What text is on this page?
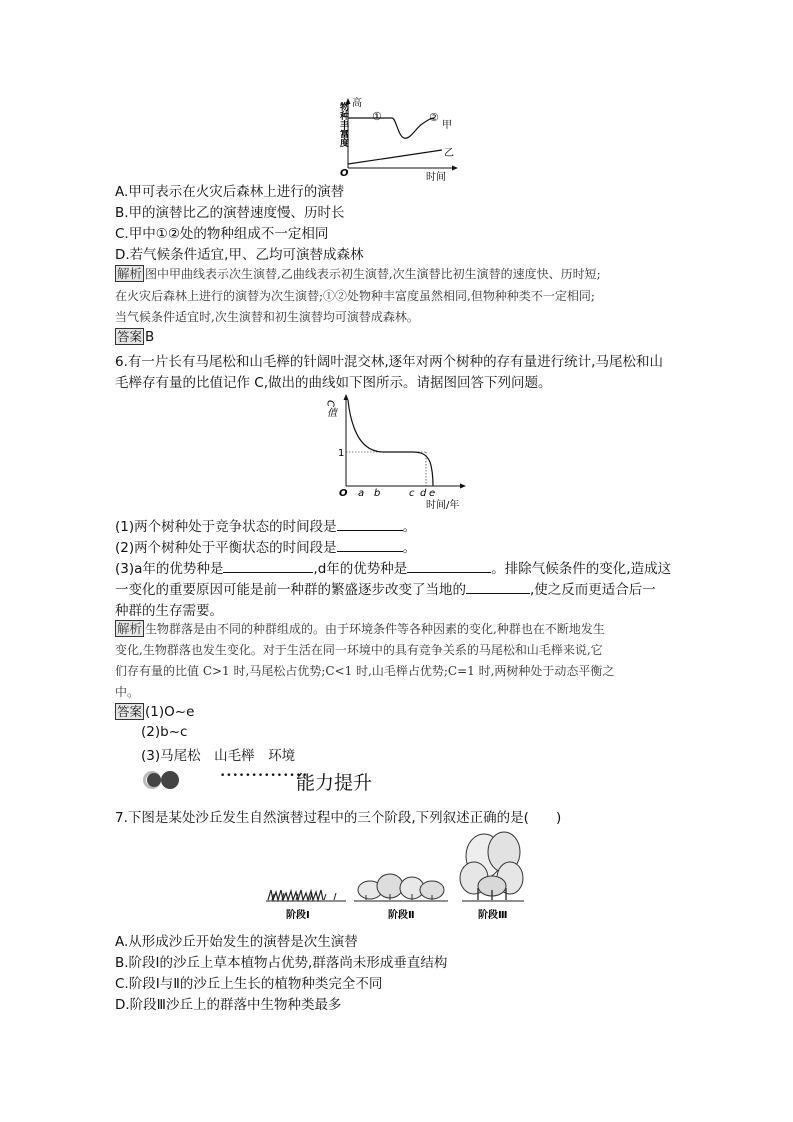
高
物种丰富度 ①	②
甲
乙
O	时间
A.甲可表示在火灾后森林上进行的演替
B.甲的演替比乙的演替速度慢、历时长
C.甲中①②处的物种组成不一定相同
D.若气候条件适宜,甲、乙均可演替成森林
解析 图中甲曲线表示次生演替,乙曲线表示初生演替,次生演替比初生演替的速度快、历时短;
在火灾后森林上进行的演替为次生演替;①②处物种丰富度虽然相同,但物种种类不一定相同;
当气候条件适宜时,次生演替和初生演替均可演替成森林。
答案 B
6.有一片长有马尾松和山毛榉的针阔叶混交林,逐年对两个树种的存有量进行统计,马尾松和山
毛榉存有量的比值记作 C,做出的曲线如下图所示。请据图回答下列问题。
C值
1
O a b	c d e
时间/年
(1)两个树种处于竞争状态的时间段是	。
(2)两个树种处于平衡状态的时间段是	。
(3)a年的优势种是	,d年的优势种是	。排除气候条件的变化,造成这
一变化的重要原因可能是前一种群的繁盛逐步改变了当地的	,使之反而更适合后一
种群的生存需要。
解析 生物群落是由不同的种群组成的。由于环境条件等各种因素的变化,种群也在不断地发生
变化,生物群落也发生变化。对于生活在同一环境中的具有竞争关系的马尾松和山毛榉来说,它
们存有量的比值 C>1 时,马尾松占优势;C<1 时,山毛榉占优势;C=1 时,两树种处于动态平衡之
中。
答案 (1)O~e
(2)b~c
(3)马尾松　山毛榉　环境
••••••••••••••
能力提升
7.下图是某处沙丘发生自然演替过程中的三个阶段,下列叙述正确的是(　　)
阶段Ⅰ	阶段Ⅱ	阶段Ⅲ
A.从形成沙丘开始发生的演替是次生演替
B.阶段Ⅰ的沙丘上草本植物占优势,群落尚未形成垂直结构
C.阶段Ⅰ与Ⅱ的沙丘上生长的植物种类完全不同
D.阶段Ⅲ沙丘上的群落中生物种类最多
